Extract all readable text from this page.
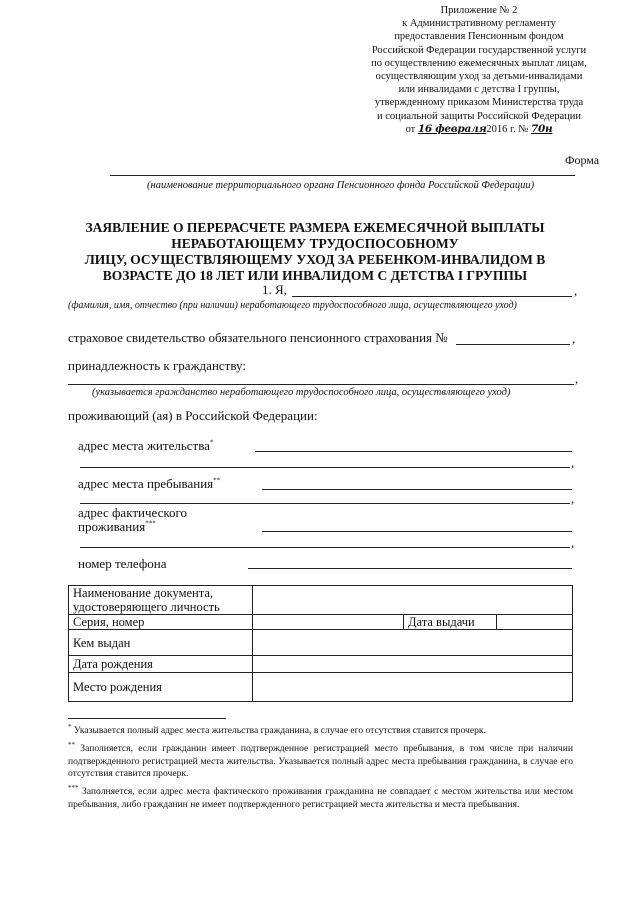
Приложение № 2
к Административному регламенту
предоставления Пенсионным фондом
Российской Федерации государственной услуги
по осуществлению ежемесячных выплат лицам,
осуществляющим уход за детьми-инвалидами
или инвалидами с детства I группы,
утвержденному приказом Министерства труда
и социальной защиты Российской Федерации
от 16 февраля2016 г. № 70н
Форма
(наименование территориального органа Пенсионного фонда Российской Федерации)
ЗАЯВЛЕНИЕ О ПЕРЕРАСЧЕТЕ РАЗМЕРА ЕЖЕМЕСЯЧНОЙ ВЫПЛАТЫ
НЕРАБОТАЮЩЕМУ ТРУДОСПОСОБНОМУ
ЛИЦУ, ОСУЩЕСТВЛЯЮЩЕМУ УХОД ЗА РЕБЕНКОМ-ИНВАЛИДОМ В
ВОЗРАСТЕ ДО 18 ЛЕТ ИЛИ ИНВАЛИДОМ С ДЕТСТВА I ГРУППЫ
1. Я,	,
(фамилия, имя, отчество (при наличии) неработающего трудоспособного лица, осуществляющего уход)
страховое свидетельство обязательного пенсионного страхования №	,
принадлежность к гражданству:
,
(указывается гражданство неработающего трудоспособного лица, осуществляющего уход)
проживающий (ая) в Российской Федерации:
адрес места жительства*
,
адрес места пребывания**
,
адрес фактического
проживания***
,
номер телефона
Наименование документа,
удостоверяющего личность			

Серия, номер		Дата выдачи	
Кем выдан			
Дата рождения			
Место рождения			

* Указывается полный адрес места жительства гражданина, в случае его отсутствия ставится прочерк.

** Заполняется, если гражданин имеет подтвержденное регистрацией место пребывания, в том числе при наличии подтвержденного регистрацией места жительства. Указывается полный адрес места пребывания гражданина, в случае его отсутствия ставится прочерк.

*** Заполняется, если адрес места фактического проживания гражданина не совпадает с местом жительства или местом пребывания, либо гражданин не имеет подтвержденного регистрацией места жительства и места пребывания.
